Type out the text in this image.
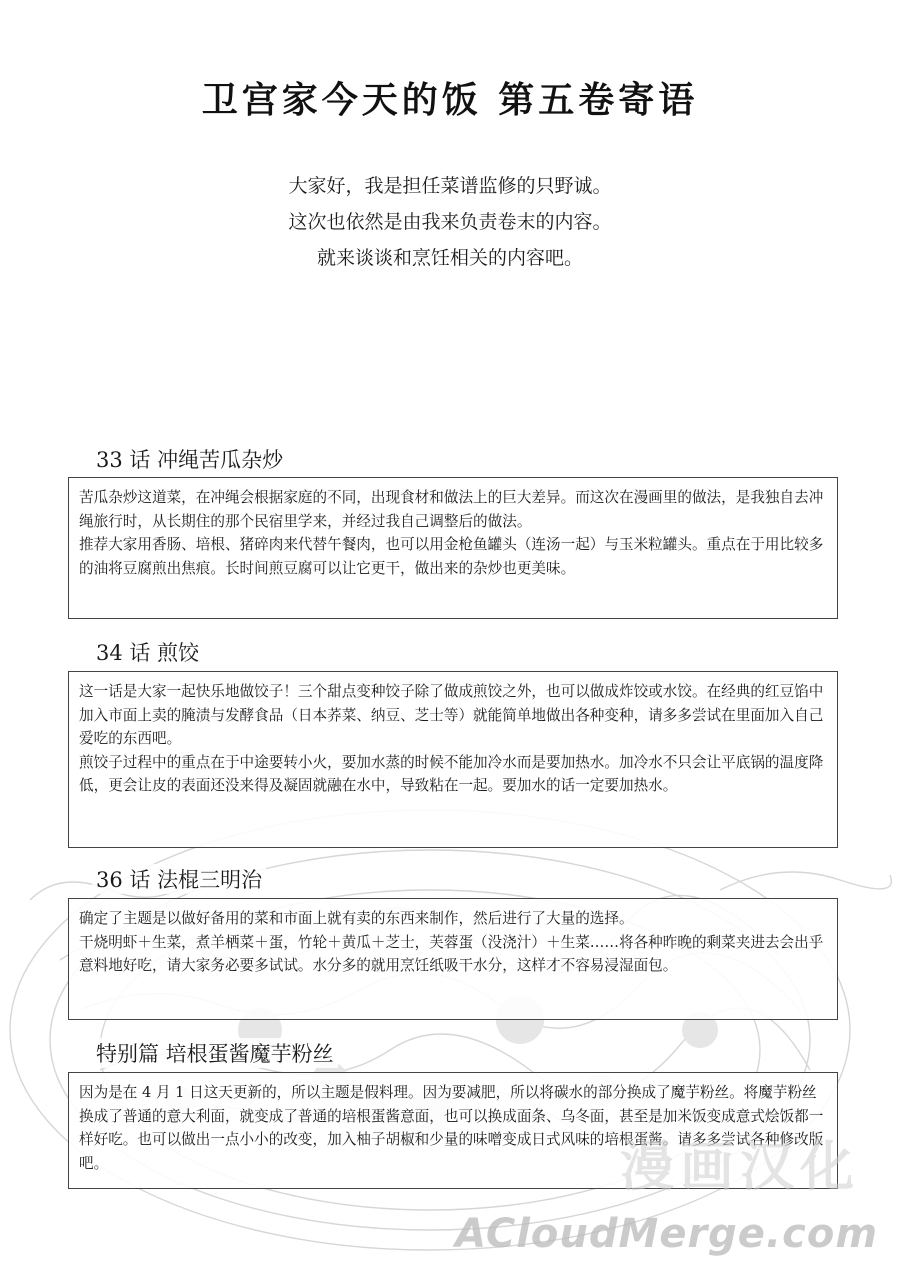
卫宫家今天的饭 第五卷寄语
大家好，我是担任菜谱监修的只野诚。
这次也依然是由我来负责卷末的内容。
就来谈谈和烹饪相关的内容吧。
33 话 冲绳苦瓜杂炒

苦瓜杂炒这道菜，在冲绳会根据家庭的不同，出现食材和做法上的巨大差异。而这次在漫画里的做法，是我独自去冲绳旅行时，从长期住的那个民宿里学来，并经过我自己调整后的做法。

推荐大家用香肠、培根、猪碎肉来代替午餐肉，也可以用金枪鱼罐头（连汤一起）与玉米粒罐头。重点在于用比较多的油将豆腐煎出焦痕。长时间煎豆腐可以让它更干，做出来的杂炒也更美味。

34 话 煎饺

这一话是大家一起快乐地做饺子！三个甜点变种饺子除了做成煎饺之外，也可以做成炸饺或水饺。在经典的红豆馅中加入市面上卖的腌渍与发酵食品（日本荞菜、纳豆、芝士等）就能简单地做出各种变种，请多多尝试在里面加入自己爱吃的东西吧。

煎饺子过程中的重点在于中途要转小火，要加水蒸的时候不能加冷水而是要加热水。加冷水不只会让平底锅的温度降低，更会让皮的表面还没来得及凝固就融在水中，导致粘在一起。要加水的话一定要加热水。

36 话 法棍三明治

确定了主题是以做好备用的菜和市面上就有卖的东西来制作，然后进行了大量的选择。

干烧明虾＋生菜，煮羊栖菜＋蛋，竹轮＋黄瓜＋芝士，芙蓉蛋（没浇汁）＋生菜……将各种昨晚的剩菜夹进去会出乎意料地好吃，请大家务必要多试试。水分多的就用烹饪纸吸干水分，这样才不容易浸湿面包。

特别篇 培根蛋酱魔芋粉丝

因为是在 4 月 1 日这天更新的，所以主题是假料理。因为要减肥，所以将碳水的部分换成了魔芋粉丝。将魔芋粉丝换成了普通的意大利面，就变成了普通的培根蛋酱意面，也可以换成面条、乌冬面，甚至是加米饭变成意式烩饭都一样好吃。也可以做出一点小小的改变，加入柚子胡椒和少量的味噌变成日式风味的培根蛋酱。请多多尝试各种修改版吧。	漫画汉化
ACloudMerge.com
